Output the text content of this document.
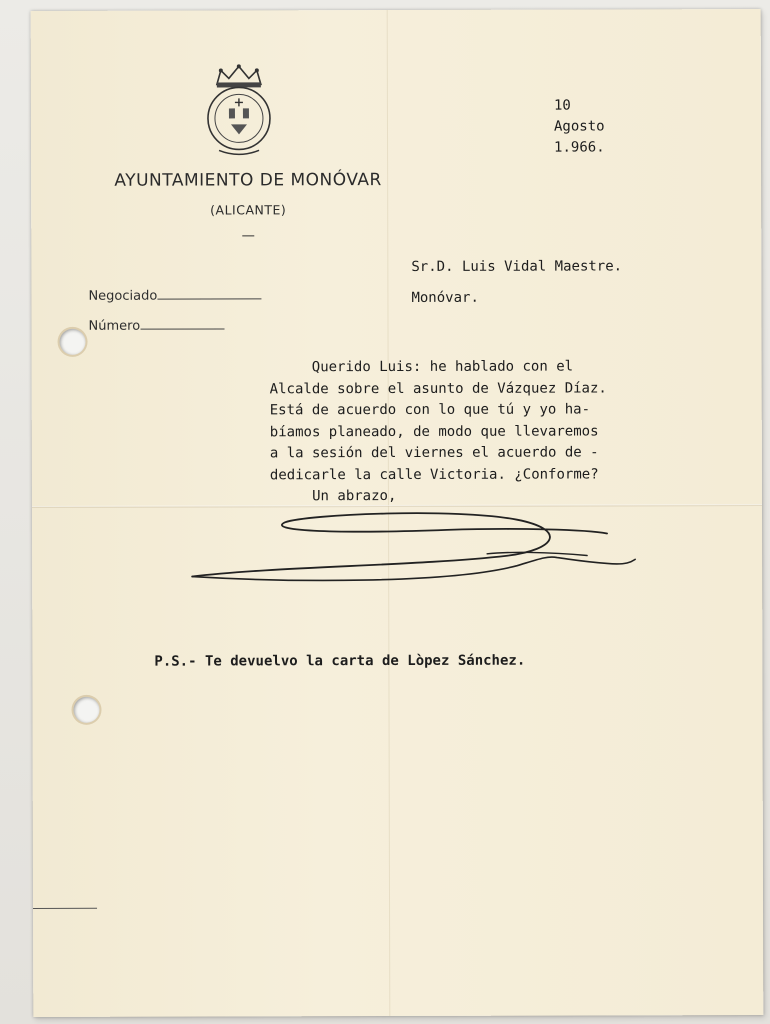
AYUNTAMIENTO DE MONÓVAR

(ALICANTE)
Negociado
Número
10
Agosto
1.966.
Sr.D. Luis Vidal Maestre.
Monóvar.
Querido Luis: he hablado con el
Alcalde sobre el asunto de Vázquez Díaz.
Está de acuerdo con lo que tú y yo ha-
bíamos planeado, de modo que llevaremos
a la sesión del viernes el acuerdo de -
dedicarle la calle Victoria. ¿Conforme?
Un abrazo,
P.S.- Te devuelvo la carta de Lòpez Sánchez.
